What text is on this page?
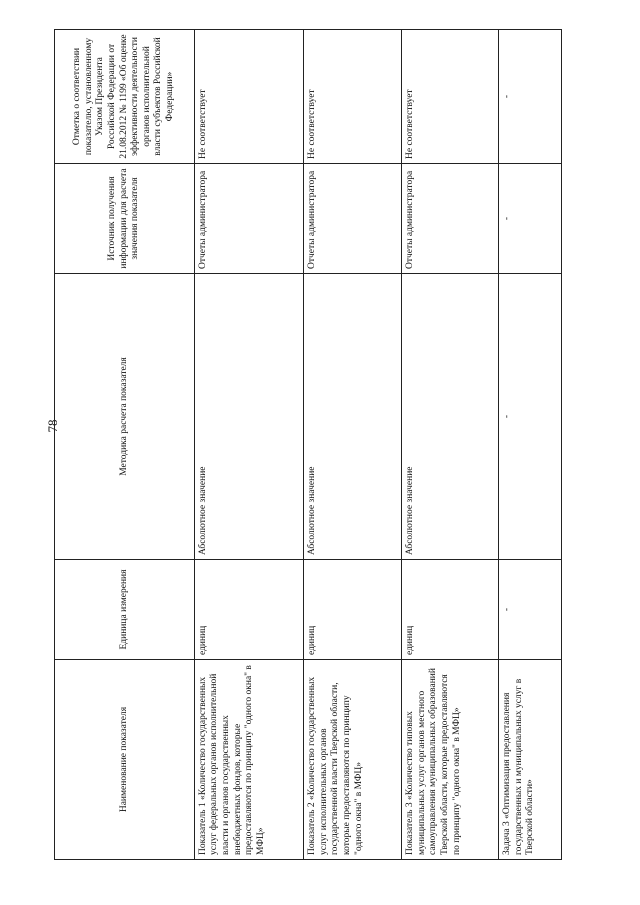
78
Наименование показателя	Единица измерения	Методика расчета показателя	Источник получения информации для расчета значения показателя	Отметка о соответствии показателю, установленному Указом Президента Российской Федерации от 21.08.2012 № 1199 «Об оценке эффективности деятельности органов исполнительной власти субъектов Российской Федерации»
Показатель 1 «Количество государственных услуг федеральных органов исполнительной власти и органов государственных внебюджетных фондов, которые предоставляются по принципу "одного окна" в МФЦ»	единиц	Абсолютное значение	Отчеты администратора	Не соответствует
Показатель 2 «Количество государственных услуг исполнительных органов государственной власти Тверской области, которые предоставляются по принципу "одного окна" в МФЦ»	единиц	Абсолютное значение	Отчеты администратора	Не соответствует
Показатель 3 «Количество типовых муниципальных услуг органов местного самоуправления муниципальных образований Тверской области, которые предоставляются по принципу "одного окна" в МФЦ»	единиц	Абсолютное значение	Отчеты администратора	Не соответствует
Задача 3 «Оптимизация предоставления государственных и муниципальных услуг в Тверской области»	-	-	-	-
